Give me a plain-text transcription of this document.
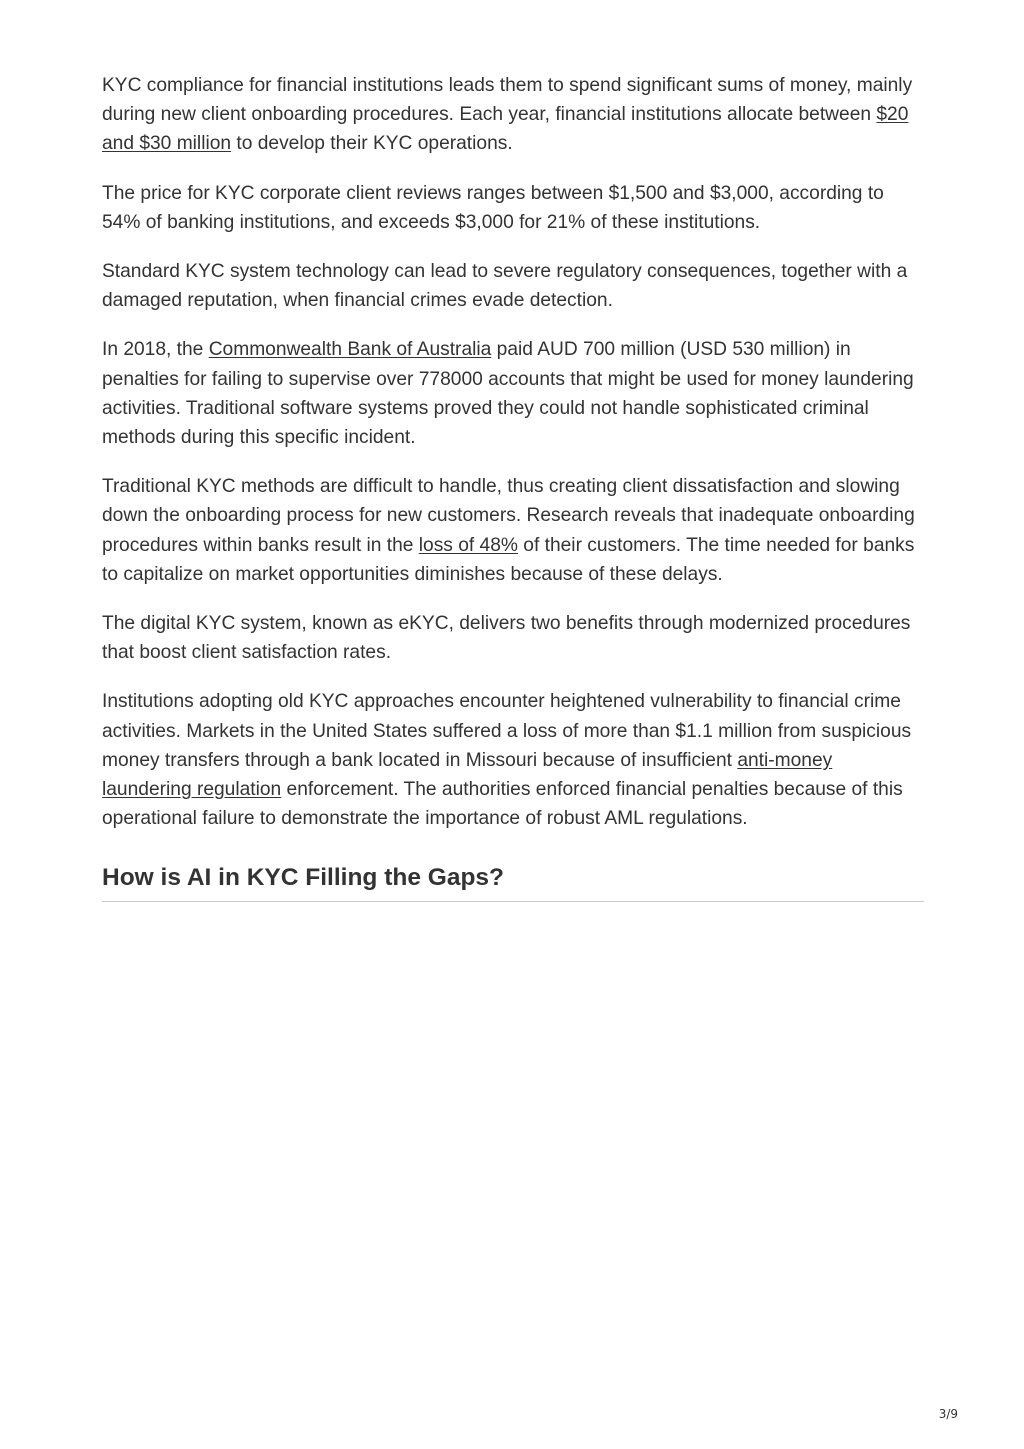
KYC compliance for financial institutions leads them to spend significant sums of money, mainly during new client onboarding procedures. Each year, financial institutions allocate between $20 and $30 million to develop their KYC operations.

The price for KYC corporate client reviews ranges between $1,500 and $3,000, according to 54% of banking institutions, and exceeds $3,000 for 21% of these institutions.

Standard KYC system technology can lead to severe regulatory consequences, together with a damaged reputation, when financial crimes evade detection.

In 2018, the Commonwealth Bank of Australia paid AUD 700 million (USD 530 million) in penalties for failing to supervise over 778000 accounts that might be used for money laundering activities. Traditional software systems proved they could not handle sophisticated criminal methods during this specific incident.

Traditional KYC methods are difficult to handle, thus creating client dissatisfaction and slowing down the onboarding process for new customers. Research reveals that inadequate onboarding procedures within banks result in the loss of 48% of their customers. The time needed for banks to capitalize on market opportunities diminishes because of these delays.

The digital KYC system, known as eKYC, delivers two benefits through modernized procedures that boost client satisfaction rates.

Institutions adopting old KYC approaches encounter heightened vulnerability to financial crime activities. Markets in the United States suffered a loss of more than $1.1 million from suspicious money transfers through a bank located in Missouri because of insufficient anti-money laundering regulation enforcement. The authorities enforced financial penalties because of this operational failure to demonstrate the importance of robust AML regulations.

How is AI in KYC Filling the Gaps?
3/9
